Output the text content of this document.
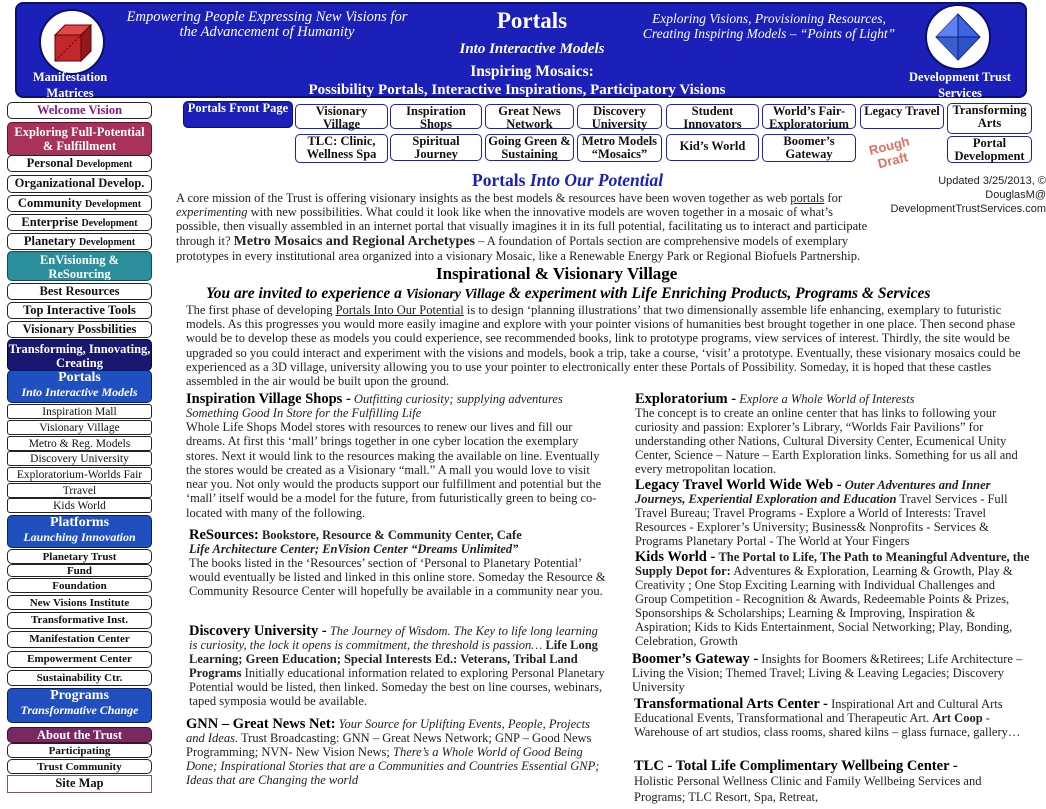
Manifestation Matrices
Development Trust Services
Empowering People Expressing New Visions for the Advancement of Humanity
Exploring Visions, Provisioning Resources, Creating Inspiring Models – “Points of Light”
Portals
Into Interactive Models
Inspiring Mosaics:
Possibility Portals, Interactive Inspirations, Participatory Visions
Welcome Vision
Exploring Full-Potential & Fulfillment
Personal Development
Organizational Develop.
Community Development
Enterprise Development
Planetary Development
EnVisioning & ReSourcing
Best Resources
Top Interactive Tools
Visionary Possbilities
Transforming, Innovating, Creating
Portals
Into Interactive Models
Inspiration Mall
Visionary Village
Metro & Reg. Models
Discovery University
Exploratorium-Worlds Fair
Trravel
Kids World
Platforms
Launching Innovation
Planetary Trust
Fund
Foundation
New Visions Institute
Transformative Inst.
Manifestation Center
Empowerment Center
Sustainability Ctr.
Programs
Transformative Change
About the Trust
Participating
Trust Community
Site Map
Portals Front Page	Visionary Village
Inspiration Shops
Great News Network
Discovery University
Student Innovators
World’s Fair-Exploratorium
Legacy Travel	Transforming Arts
TLC: Clinic, Wellness Spa
Spiritual Journey
Going Green & Sustaining
Metro Models “Mosaics”
Kid’s World	Boomer’s Gateway
Portal Development
Rough Draft
Updated 3/25/2013, © DouglasM@ DevelopmentTrustServices.com
Portals Into Our Potential
A core mission of the Trust is offering visionary insights as the best models & resources have been woven together as web portals for experimenting with new possibilities. What could it look like when the innovative models are woven together in a mosaic of what’s possible, then visually assembled in an internet portal that visually imagines it in its full potential, facilitating us to interact and participate through it? Metro Mosaics and Regional Archetypes – A foundation of Portals section are comprehensive models of exemplary prototypes in every institutional area organized into a visionary Mosaic, like a Renewable Energy Park or Regional Biofuels Partnership.
Inspirational & Visionary Village
You are invited to experience a Visionary Village & experiment with Life Enriching Products, Programs & Services
The first phase of developing Portals Into Our Potential is to design ‘planning illustrations’ that two dimensionally assemble life enhancing, exemplary to futuristic models. As this progresses you would more easily imagine and explore with your pointer visions of humanities best brought together in one place. Then second phase would be to develop these as models you could experience, see recommended books, link to prototype programs, view services of interest. Thirdly, the site would be upgraded so you could interact and experiment with the visions and models, book a trip, take a course, ‘visit’ a prototype. Eventually, these visionary mosaics could be experienced as a 3D village, university allowing you to use your pointer to electronically enter these Portals of Possibility. Someday, it is hoped that these castles assembled in the air would be built upon the ground.
Inspiration Village Shops - Outfitting curiosity; supplying adventures Something Good In Store for the Fulfilling Life
Whole Life Shops Model stores with resources to renew our lives and fill our dreams. At first this ‘mall’ brings together in one cyber location the exemplary stores. Next it would link to the resources making the available on line. Eventually the stores would be created as a Visionary “mall.” A mall you would love to visit near you. Not only would the products support our fulfillment and potential but the ‘mall’ itself would be a model for the future, from futuristically green to being co-located with many of the following.
ReSources: Bookstore, Resource & Community Center, Cafe
Life Architecture Center; EnVision Center “Dreams Unlimited”
The books listed in the ‘Resources’ section of ‘Personal to Planetary Potential’ would eventually be listed and linked in this online store. Someday the Resource & Community Resource Center will hopefully be available in a community near you.
Discovery University - The Journey of Wisdom. The Key to life long learning is curiosity, the lock it opens is commitment, the threshold is passion… Life Long Learning; Green Education; Special Interests Ed.: Veterans, Tribal Land Programs Initially educational information related to exploring Personal Planetary Potential would be listed, then linked. Someday the best on line courses, webinars, taped symposia would be available.
GNN – Great News Net: Your Source for Uplifting Events, People, Projects and Ideas. Trust Broadcasting: GNN – Great News Network; GNP – Good News Programming; NVN- New Vision News; There’s a Whole World of Good Being Done; Inspirational Stories that are a Communities and Countries Essential GNP; Ideas that are Changing the world
Exploratorium - Explore a Whole World of Interests
The concept is to create an online center that has links to following your curiosity and passion: Explorer’s Library, “Worlds Fair Pavilions” for understanding other Nations, Cultural Diversity Center, Ecumenical Unity Center, Science – Nature – Earth Exploration links. Something for us all and every metropolitan location.
Legacy Travel World Wide Web - Outer Adventures and Inner Journeys, Experiential Exploration and Education Travel Services - Full Travel Bureau; Travel Programs - Explore a World of Interests: Travel Resources - Explorer’s University; Business& Nonprofits - Services & Programs Planetary Portal - The World at Your Fingers
Kids World - The Portal to Life, The Path to Meaningful Adventure, the Supply Depot for: Adventures & Exploration, Learning & Growth, Play & Creativity ; One Stop Exciting Learning with Individual Challenges and Group Competition - Recognition & Awards, Redeemable Points & Prizes, Sponsorships & Scholarships; Learning & Improving, Inspiration & Aspiration; Kids to Kids Entertainment, Social Networking; Play, Bonding, Celebration, Growth
Boomer’s Gateway - Insights for Boomers &Retirees; Life Architecture – Living the Vision; Themed Travel; Living & Leaving Legacies; Discovery University
Transformational Arts Center - Inspirational Art and Cultural Arts Educational Events, Transformational and Therapeutic Art. Art Coop - Warehouse of art studios, class rooms, shared kilns – glass furnace, gallery…
TLC - Total Life Complimentary Wellbeing Center -
Holistic Personal Wellness Clinic and Family Wellbeing Services and Programs; TLC Resort, Spa, Retreat,
